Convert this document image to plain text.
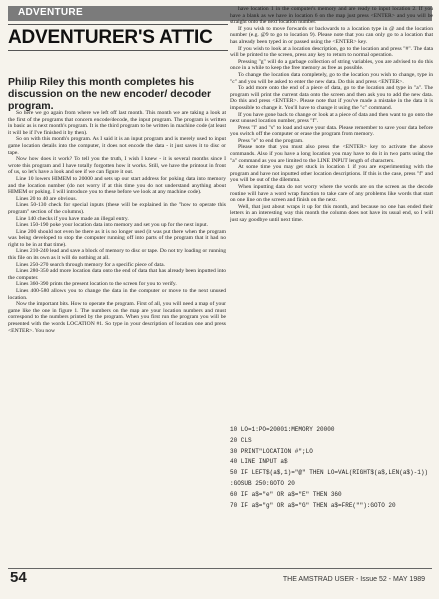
ADVENTURE
ADVENTURER'S ATTIC
Philip Riley this month completes his discussion on the new encoder/ decoder program.

So here we go again from where we left off last month. This month we are taking a look at the first of the programs that concern encode/decode, the input program. The program is written in basic as is next month's program. It is the third program to be written in machine code (at least it will be if I've finished it by then).

So on with this month's program. As I said it is an input program and is merely used to input game location details into the computer, it does not encode the data - it just saves it to disc or tape.

Now how does it work? To tell you the truth, I wish I knew - it is several months since I wrote this program and I have totally forgotten how it works. Still, we have the printout in front of us, so let's have a look and see if we can figure it out.

Line 10 lowers HIMEM to 20000 and sets up our start address for poking data into memory and the location number (do not worry if at this time you do not understand anything about HIMEM or poking. I will introduce you to these before we look at any machine code).

Lines 20 to 40 are obvious.

Lines 50-130 check for special inputs (these will be explained in the "how to operate this program" section of the columns).

Line 140 checks if you have made an illegal entry.

Lines 150-190 poke your location data into memory and set you up for the next input.

Line 200 should not even be there as it is no longer used (it was put there when the program was being developed to stop the computer running off into parts of the program that it had no right to be in at that time).

Lines 210-240 lead and save a block of memory to disc or tape. Do not try loading or running this file on its own as it will do nothing at all.

Lines 250-270 search through memory for a specific piece of data.

Lines 280-350 add more location data onto the end of data that has already been inputted into the computer.

Lines 360-390 prints the present location to the screen for you to verify.

Lines 400-580 allows you to change the data in the computer or move to the next unused location.

Now the important bits. How to operate the program. First of all, you will need a map of your game like the one in figure 1. The numbers on the map are your location numbers and must correspond to the numbers printed by the program. When you first run the program you will be presented with the words LOCATION #1. So type in your description of location one and press <ENTER>. You now

have location 1 in the computer's memory and are ready to input location 2. If you have a blank as we have in location 6 on the map just press <ENTER> and you will be straight onto the next location number.

If you wish to move forwards or backwards to a location type in @ and the location number (e.g. @9 to go to location 9). Please note that you can only go to a location that has already been typed in or passed using the <ENTER> key.

If you wish to look at a location description, go to the location and press "#". The data will be printed to the screen, press any key to return to normal operation.

Pressing "g" will do a garbage collection of string variables, you are advised to do this once in a while to keep the free memory as free as possible.

To change the location data completely, go to the location you wish to change, type in "c" and you will be asked to enter the new data. Do this and press <ENTER>.

To add more onto the end of a piece of data, go to the location and type in "a". The program will print the current data onto the screen and then ask you to add the new data. Do this and press <ENTER>. Please note that if you've made a mistake in the data it is impossible to change it. You'll have to change it using the "c" command.

If you have gone back to change or look at a piece of data and then want to go onto the next unused location number, press "f".

Press "l" and "s" to load and save your data. Please remember to save your data before you switch off the computer or erase the program from memory.

Press "e" to end the program.

Please note that you must also press the <ENTER> key to activate the above commands. Also if you have a long location you may have to do it in two parts using the "a" command as you are limited to the LINE INPUT length of characters.

At some time you may get stuck in location 1 if you are experimenting with the program and have not inputted other location descriptions. If this is the case, press "f" and you will be out of the dilemma.

When inputting data do not worry where the words are on the screen as the decode routine will have a word wrap function to take care of any problems like words that start on one line on the screen and finish on the next.

Well, that just about wraps it up for this month, and because no one has ended their letters in an interesting way this month the column does not have its usual end, so I will just say goodbye until next time.

10 LO=1:PO=20001:MEMORY 20000
20 CLS
30 PRINT"LOCATION #";LO
40 LINE INPUT a$
50 IF LEFT$(a$,1)="@" THEN LO=VAL(RIGHT$(a$,LEN(a$)-1))
:GOSUB 250:GOTO 20
60 IF a$="e" OR a$="E" THEN 360
70 IF a$="g" OR a$="G" THEN a$=FRE(""):GOTO 20
54	THE AMSTRAD USER - Issue 52 - MAY 1989
